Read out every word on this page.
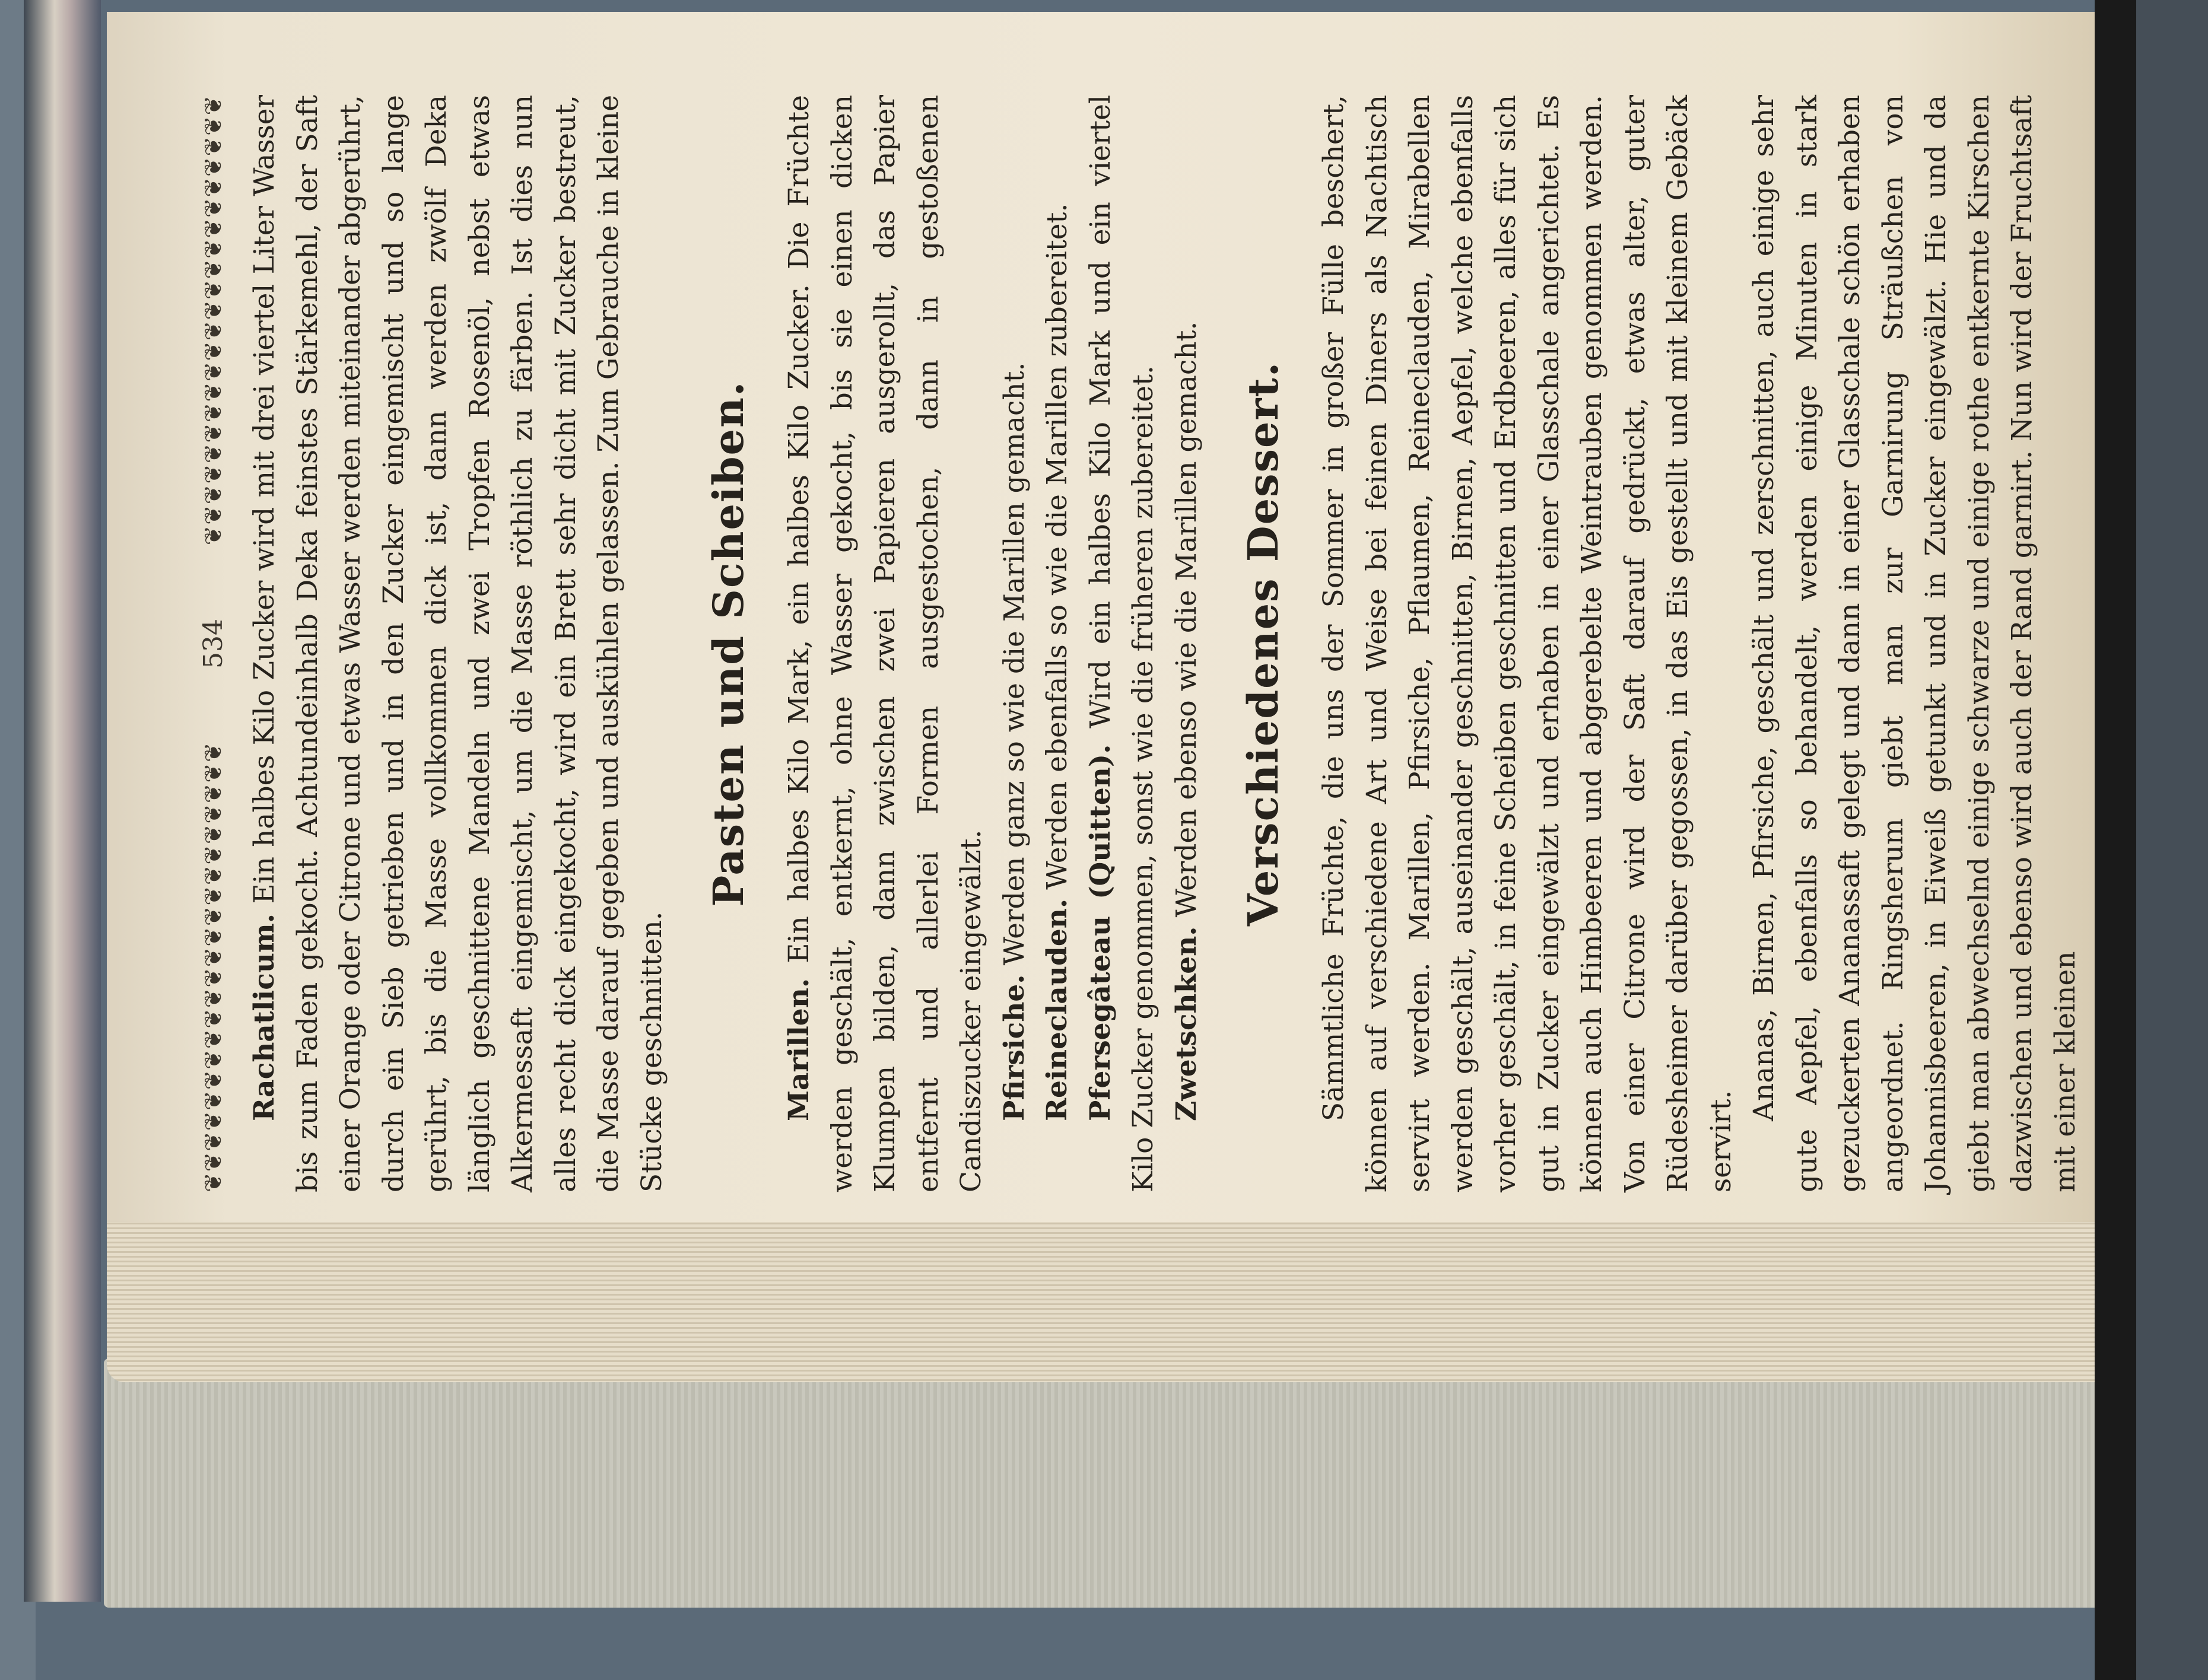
❦❦❦❦❦❦❦❦❦❦❦❦❦❦❦❦❦❦❦❦❦❦
534
❦❦❦❦❦❦❦❦❦❦❦❦❦❦❦❦❦❦❦❦❦❦

Rachatlicum. Ein halbes Kilo Zucker wird mit drei viertel Liter Wasser bis zum Faden gekocht. Achtundeinhalb Deka feinstes Stärkemehl, der Saft einer Orange oder Citrone und etwas Wasser werden miteinander abgerührt, durch ein Sieb getrieben und in den Zucker eingemischt und so lange gerührt, bis die Masse vollkommen dick ist, dann werden zwölf Deka länglich geschnittene Mandeln und zwei Tropfen Rosenöl, nebst etwas Alkermessaft eingemischt, um die Masse röthlich zu färben. Ist dies nun alles recht dick eingekocht, wird ein Brett sehr dicht mit Zucker bestreut, die Masse darauf gegeben und auskühlen gelassen. Zum Gebrauche in kleine Stücke geschnitten.

Pasten und Scheiben.

Marillen. Ein halbes Kilo Mark, ein halbes Kilo Zucker. Die Früchte werden geschält, entkernt, ohne Wasser gekocht, bis sie einen dicken Klumpen bilden, dann zwischen zwei Papieren ausgerollt, das Papier entfernt und allerlei Formen ausgestochen, dann in gestoßenen Candiszucker eingewälzt. Pfirsiche. Werden ganz so wie die Marillen gemacht.

Reineclauden. Werden ebenfalls so wie die Marillen zubereitet.

Pfersegâteau (Quitten). Wird ein halbes Kilo Mark und ein viertel Kilo Zucker genommen, sonst wie die früheren zubereitet. Zwetschken. Werden ebenso wie die Marillen gemacht. Verschiedenes Dessert. Sämmtliche Früchte, die uns der Sommer in großer Fülle beschert, können auf verschiedene Art und Weise bei feinen Diners als Nachtisch servirt werden. Marillen, Pfirsiche, Pflaumen, Reineclauden, Mirabellen werden geschält, auseinander geschnitten, Birnen, Aepfel, welche ebenfalls vorher geschält, in feine Scheiben geschnitten und Erdbeeren, alles für sich gut in Zucker eingewälzt und erhaben in einer Glasschale angerichtet. Es können auch Himbeeren und abgerebelte Weintrauben genommen werden. Von einer Citrone wird der Saft darauf gedrückt, etwas alter, guter Rüdesheimer darüber gegossen, in das Eis gestellt und mit kleinem Gebäck servirt.

Ananas, Birnen, Pfirsiche, geschält und zerschnitten, auch einige sehr gute Aepfel, ebenfalls so behandelt, werden einige Minuten in stark gezuckerten Ananassaft gelegt und dann in einer Glasschale schön erhaben angeordnet. Ringsherum giebt man zur Garnirung Sträußchen von Johannisbeeren, in Eiweiß getunkt und in Zucker eingewälzt. Hie und da giebt man abwechselnd einige schwarze und einige rothe entkernte Kirschen dazwischen und ebenso wird auch der Rand garnirt. Nun wird der Fruchtsaft mit einer kleinen
